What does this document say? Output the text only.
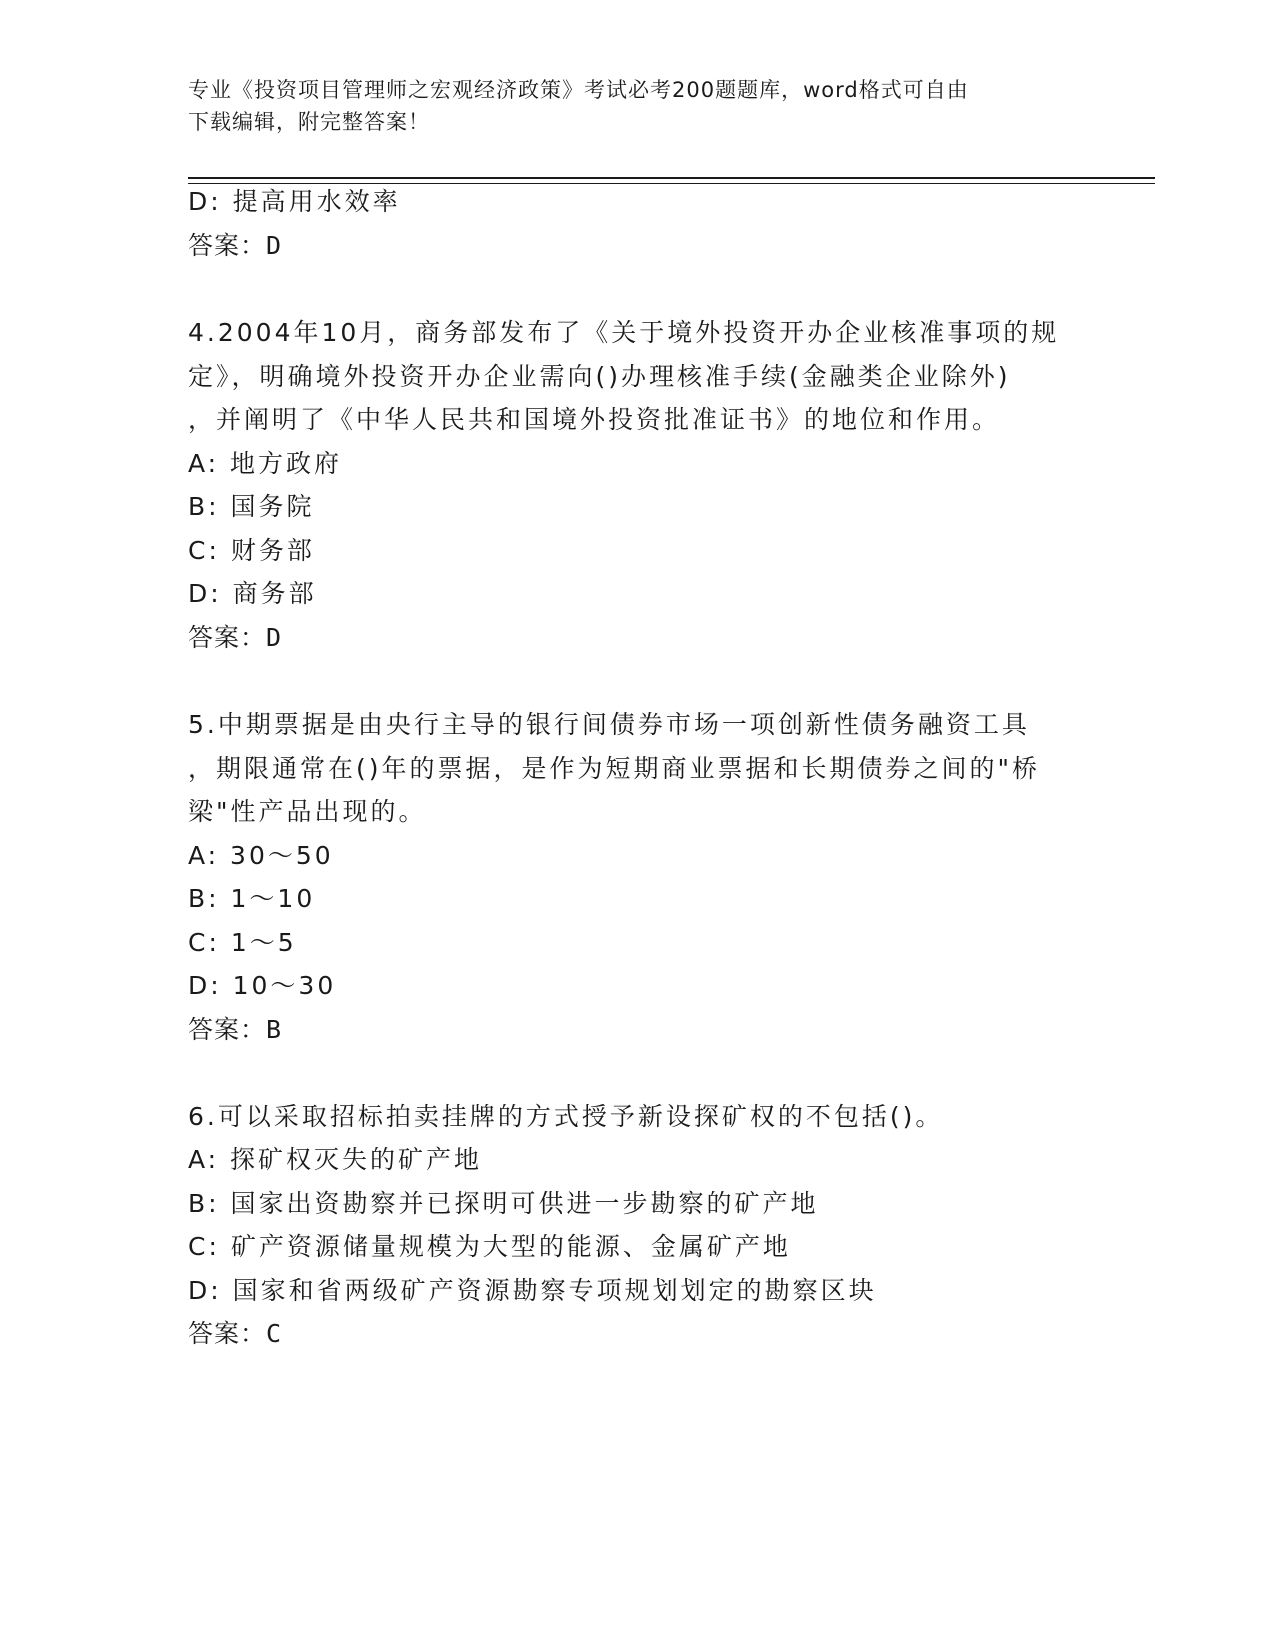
专业《投资项目管理师之宏观经济政策》考试必考200题题库，word格式可自由
下载编辑，附完整答案！
D: 提高用水效率
答案：D
4.2004年10月，商务部发布了《关于境外投资开办企业核准事项的规
定》，明确境外投资开办企业需向()办理核准手续(金融类企业除外)
，并阐明了《中华人民共和国境外投资批准证书》的地位和作用。
A: 地方政府
B: 国务院
C: 财务部
D: 商务部
答案：D
5.中期票据是由央行主导的银行间债券市场一项创新性债务融资工具
，期限通常在()年的票据，是作为短期商业票据和长期债券之间的"桥
梁"性产品出现的。
A: 30～50
B: 1～10
C: 1～5
D: 10～30
答案：B
6.可以采取招标拍卖挂牌的方式授予新设探矿权的不包括()。
A: 探矿权灭失的矿产地
B: 国家出资勘察并已探明可供进一步勘察的矿产地
C: 矿产资源储量规模为大型的能源、金属矿产地
D: 国家和省两级矿产资源勘察专项规划划定的勘察区块
答案：C
